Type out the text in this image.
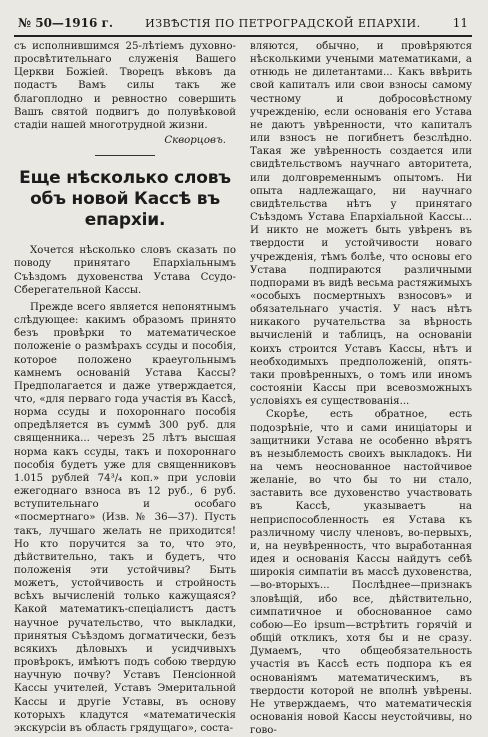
№ 50—1916 г.	ИЗВѢСТІЯ ПО ПЕТРОГРАДСКОЙ ЕПАРХІИ.	11

съ исполнившимся 25-лѣтіемъ духовно-просвѣтительнаго служенія Вашего Церкви Божіей. Творецъ вѣковъ да подастъ Вамъ силы такъ же благоплодно и ревностно совершить Вашъ святой подвигъ до полувѣковой стадіи нашей многотрудной жизни.

Скворцовъ.

Еще нѣсколько словъ объ новой Кассѣ въ епархіи.

Хочется нѣсколько словъ сказать по поводу принятаго Епархіальнымъ Съѣздомъ духовенства Устава Ссудо-Сберегательной Кассы.

Прежде всего является непонятнымъ слѣдующее: какимъ образомъ принято безъ провѣрки то математическое положеніе о размѣрахъ ссуды и пособія, которое положено краеугольнымъ камнемъ основаній Устава Кассы? Предполагается и даже утверждается, что, «для перваго года участія въ Кассѣ, норма ссуды и похороннаго пособія опредѣляется въ суммѣ 300 руб. для священника... черезъ 25 лѣтъ высшая норма какъ ссуды, такъ и похороннаго пособія будетъ уже для священниковъ 1.015 рублей 74³/₄ коп.» при условіи ежегоднаго взноса въ 12 руб., 6 руб. вступительнаго и особаго «посмертнаго» (Изв. № 36—37). Пусть такъ, лучшаго желать не приходится! Но кто поручится за то, что это, дѣйствительно, такъ и будетъ, что положенія эти устойчивы? Быть можетъ, устойчивость и стройность всѣхъ вычисленій только кажущаяся? Какой математикъ-спеціалистъ дастъ научное ручательство, что выкладки, принятыя Съѣздомъ догматически, безъ всякихъ дѣловыхъ и усидчивыхъ провѣрокъ, имѣютъ подъ собою твердую научную почву? Уставъ Пенсіонной Кассы учителей, Уставъ Эмеритальной Кассы и другіе Уставы, въ основу которыхъ кладутся «математическія экскурсіи въ область грядущаго», соста-

вляются, обычно, и провѣряются нѣсколькими учеными математиками, а отнюдь не дилетантами... Какъ ввѣрить свой капиталъ или свои взносы самому честному и добросовѣстному учрежденію, если основанія его Устава не даютъ увѣренности, что капиталъ или взносъ не погибнетъ безслѣдно. Такая же увѣренность создается или свидѣтельствомъ научнаго авторитета, или долговременнымъ опытомъ. Ни опыта надлежащаго, ни научнаго свидѣтельства нѣтъ у принятаго Съѣздомъ Устава Епархіальной Кассы... И никто не можетъ быть увѣренъ въ твердости и устойчивости новаго учрежденія, тѣмъ болѣе, что основы его Устава подпираются различными подпорами въ видѣ весьма растяжимыхъ «особыхъ посмертныхъ взносовъ» и обязательнаго участія. У насъ нѣтъ никакого ручательства за вѣрность вычисленій и таблицъ, на основаніи коихъ строится Уставъ Кассы, нѣтъ и необходимыхъ предположеній, опять-таки провѣренныхъ, о томъ или иномъ состояніи Кассы при всевозможныхъ условіяхъ ея существованія...

Скорѣе, есть обратное, есть подозрѣніе, что и сами иниціаторы и защитники Устава не особенно вѣрятъ въ незыблемость своихъ выкладокъ. Ни на чемъ неоснованное настойчивое желаніе, во что бы то ни стало, заставить все духовенство участвовать въ Кассѣ, указываетъ на неприспособленность ея Устава къ различному числу членовъ, во-первыхъ, и, на неувѣренность, что выработанная идея и основанія Кассы найдутъ себѣ широкія симпатіи въ массѣ духовенства,—во-вторыхъ... Послѣднее—признакъ зловѣщій, ибо все, дѣйствительно, симпатичное и обоснованное само собою—Ео ipsum—встрѣтить горячій и общій откликъ, хотя бы и не сразу. Думаемъ, что общеобязательность участія въ Кассѣ есть подпора къ ея основаніямъ математическимъ, въ твердости которой не вполнѣ увѣрены. Не утверждаемъ, что математическія основанія новой Кассы неустойчивы, но гово-
